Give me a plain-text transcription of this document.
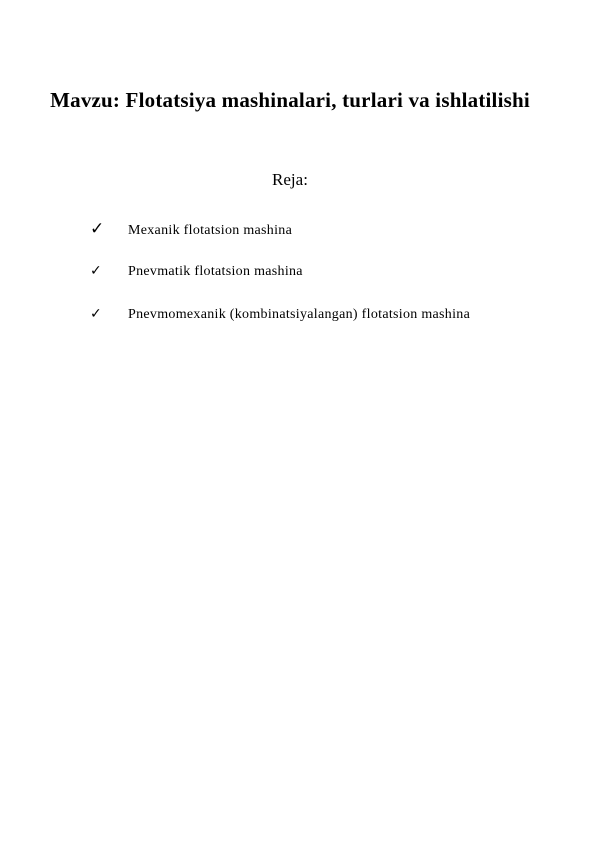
Mavzu: Flotatsiya mashinalari, turlari va ishlatilishi
Reja:
✓ Mexanik flotatsion mashina
✓ Pnevmatik flotatsion mashina
✓ Pnevmomexanik (kombinatsiyalangan) flotatsion mashina
